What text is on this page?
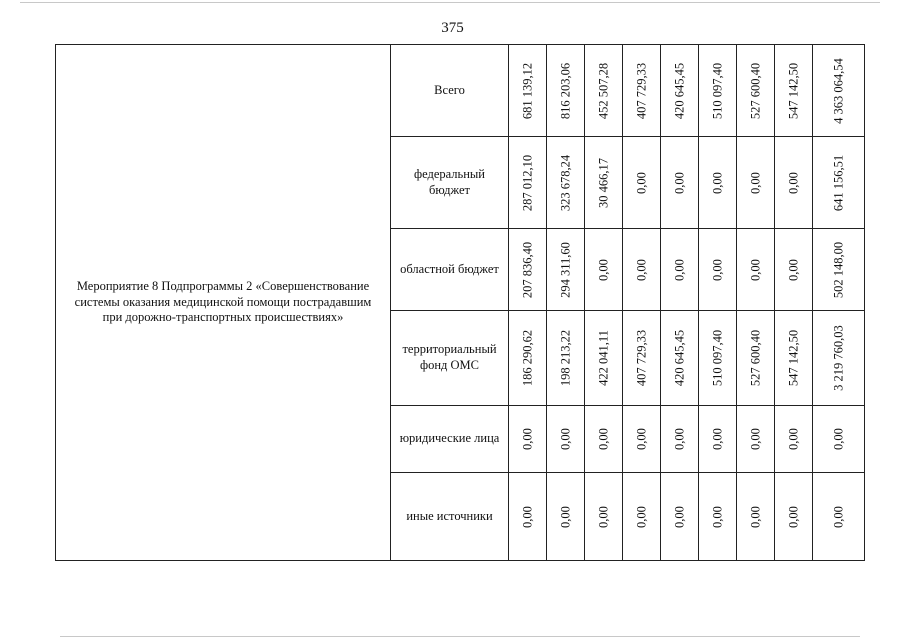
375
Мероприятие 8 Подпрограммы 2 «Совершенствование системы оказания медицинской помощи пострадавшим при дорожно-транспортных происшествиях»	Всего	681 139,12	816 203,06	452 507,28	407 729,33	420 645,45	510 097,40	527 600,40	547 142,50	4 363 064,54

	федеральный бюджет	287 012,10	323 678,24	30 466,17	0,00	0,00	0,00	0,00	0,00	641 156,51

	областной бюджет	207 836,40	294 311,60	0,00	0,00	0,00	0,00	0,00	0,00	502 148,00

	территориальный фонд ОМС	186 290,62	198 213,22	422 041,11	407 729,33	420 645,45	510 097,40	527 600,40	547 142,50	3 219 760,03

	юридические лица	0,00	0,00	0,00	0,00	0,00	0,00	0,00	0,00	0,00

	иные источники	0,00	0,00	0,00	0,00	0,00	0,00	0,00	0,00	0,00
